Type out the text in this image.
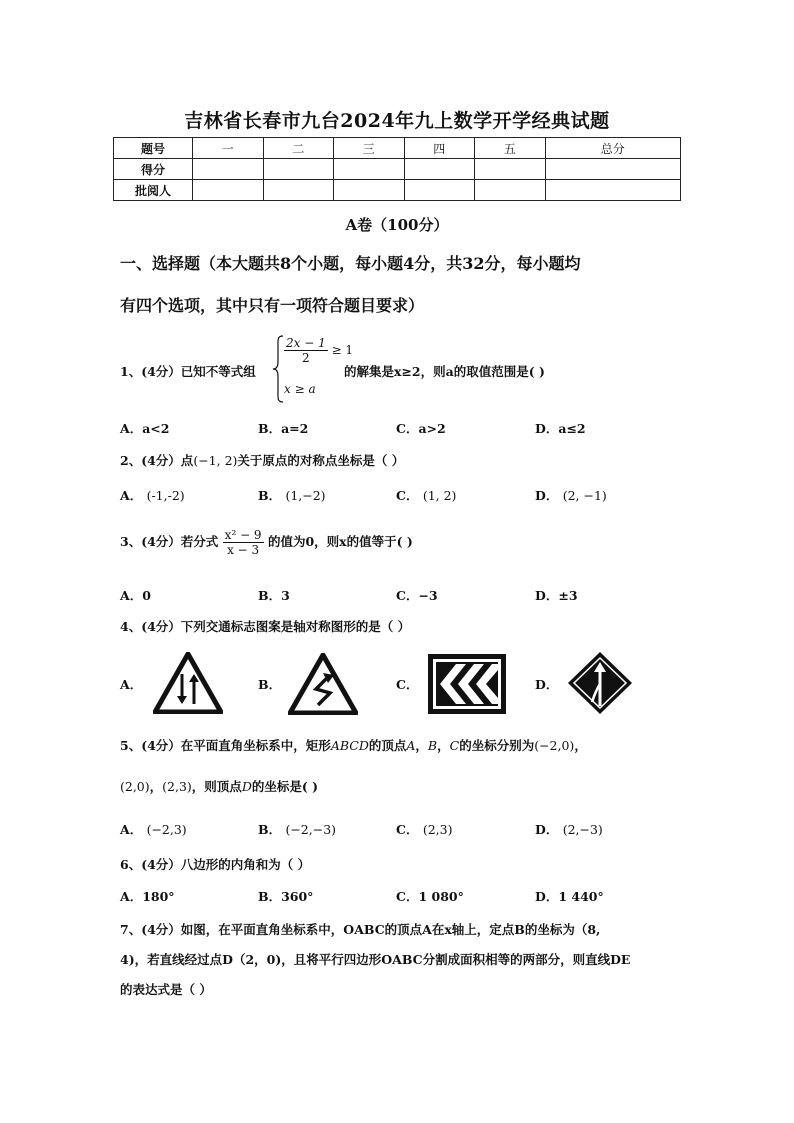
吉林省长春市九台2024年九上数学开学经典试题
题号	一	二	三	四	五	总分
得分						
批阅人						
A卷（100分）
一、选择题（本大题共8个小题，每小题4分，共32分，每小题均
有四个选项，其中只有一项符合题目要求）
1、(4分）已知不等式组
$\frac{2x - 1}{2} \ge 1$
x ≥ a
的解集是x≥2，则a的取值范围是( )
A．a<2	B．a=2	C．a>2	D．a≤2
2、(4分）点(−1, 2)关于原点的对称点坐标是（ ）
A． (-1,-2)	B． (1,−2)	C． (1, 2)	D． (2, −1)
3、(4分）若分式 $\frac{\text{x² − 9}}{x - 3}$ 的值为0，则x的值等于( )
A．0	B．3	C．−3	D．±3
4、(4分）下列交通标志图案是轴对称图形的是（ ）
A．	B．	C．	D．
5、(4分）在平面直角坐标系中，矩形ABCD的顶点A，B，C的坐标分别为(−2,0)，
(2,0)，(2,3)，则顶点D的坐标是( )
A． (−2,3)	B． (−2,−3)	C． (2,3)	D． (2,−3)
6、(4分）八边形的内角和为（ ）
A．180°	B．360°	C．1 080°	D．1 440°
7、(4分）如图，在平面直角坐标系中，OABC的顶点A在x轴上，定点B的坐标为（8,
4)，若直线经过点D（2，0)，且将平行四边形OABC分割成面积相等的两部分，则直线DE
的表达式是（ ）
